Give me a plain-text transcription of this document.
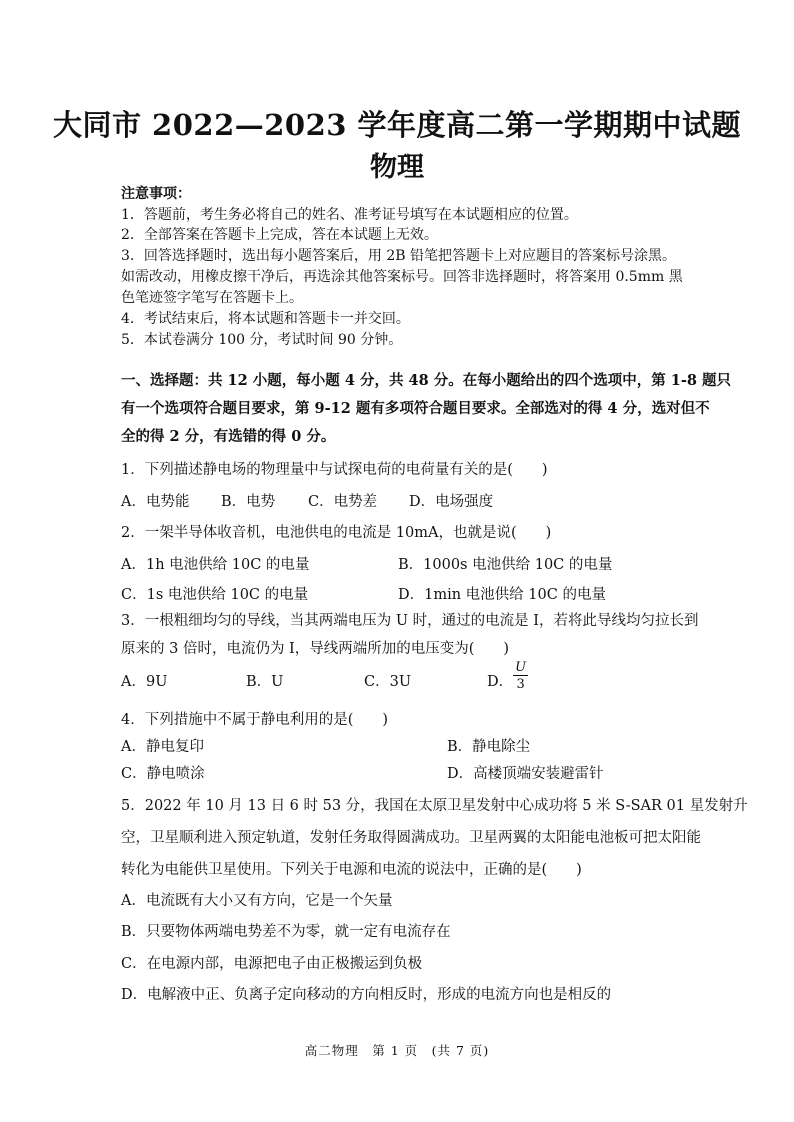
大同市 2022—2023 学年度高二第一学期期中试题
物理
注意事项：
1．答题前，考生务必将自己的姓名、准考证号填写在本试题相应的位置。
2．全部答案在答题卡上完成，答在本试题上无效。
3．回答选择题时，选出每小题答案后，用 2B 铅笔把答题卡上对应题目的答案标号涂黑。
如需改动，用橡皮擦干净后，再选涂其他答案标号。回答非选择题时，将答案用 0.5mm 黑
色笔迹签字笔写在答题卡上。
4．考试结束后，将本试题和答题卡一并交回。
5．本试卷满分 100 分，考试时间 90 分钟。
一、选择题：共 12 小题，每小题 4 分，共 48 分。在每小题给出的四个选项中，第 1-8 题只
有一个选项符合题目要求，第 9-12 题有多项符合题目要求。全部选对的得 4 分，选对但不
全的得 2 分，有选错的得 0 分。
1．下列描述静电场的物理量中与试探电荷的电荷量有关的是(　　)
A．电势能 B．电势 C．电势差 D．电场强度
2．一架半导体收音机，电池供电的电流是 10mA，也就是说(　　)
A．1h 电池供给 10C 的电量	B．1000s 电池供给 10C 的电量
C．1s 电池供给 10C 的电量	D．1min 电池供给 10C 的电量
3．一根粗细均匀的导线，当其两端电压为 U 时，通过的电流是 I，若将此导线均匀拉长到
原来的 3 倍时，电流仍为 I，导线两端所加的电压变为(　　)
A．9U	B．U	C．3U	D． $\frac{U}{3}$
4．下列措施中不属于静电利用的是(　　)
A．静电复印	B．静电除尘
C．静电喷涂	D．高楼顶端安装避雷针
5．2022 年 10 月 13 日 6 时 53 分，我国在太原卫星发射中心成功将 5 米 S-SAR 01 星发射升
空，卫星顺利进入预定轨道，发射任务取得圆满成功。卫星两翼的太阳能电池板可把太阳能
转化为电能供卫星使用。下列关于电源和电流的说法中，正确的是(　　)
A．电流既有大小又有方向，它是一个矢量
B．只要物体两端电势差不为零，就一定有电流存在
C．在电源内部，电源把电子由正极搬运到负极
D．电解液中正、负离子定向移动的方向相反时，形成的电流方向也是相反的
高二物理　第 1 页　(共 7 页)
